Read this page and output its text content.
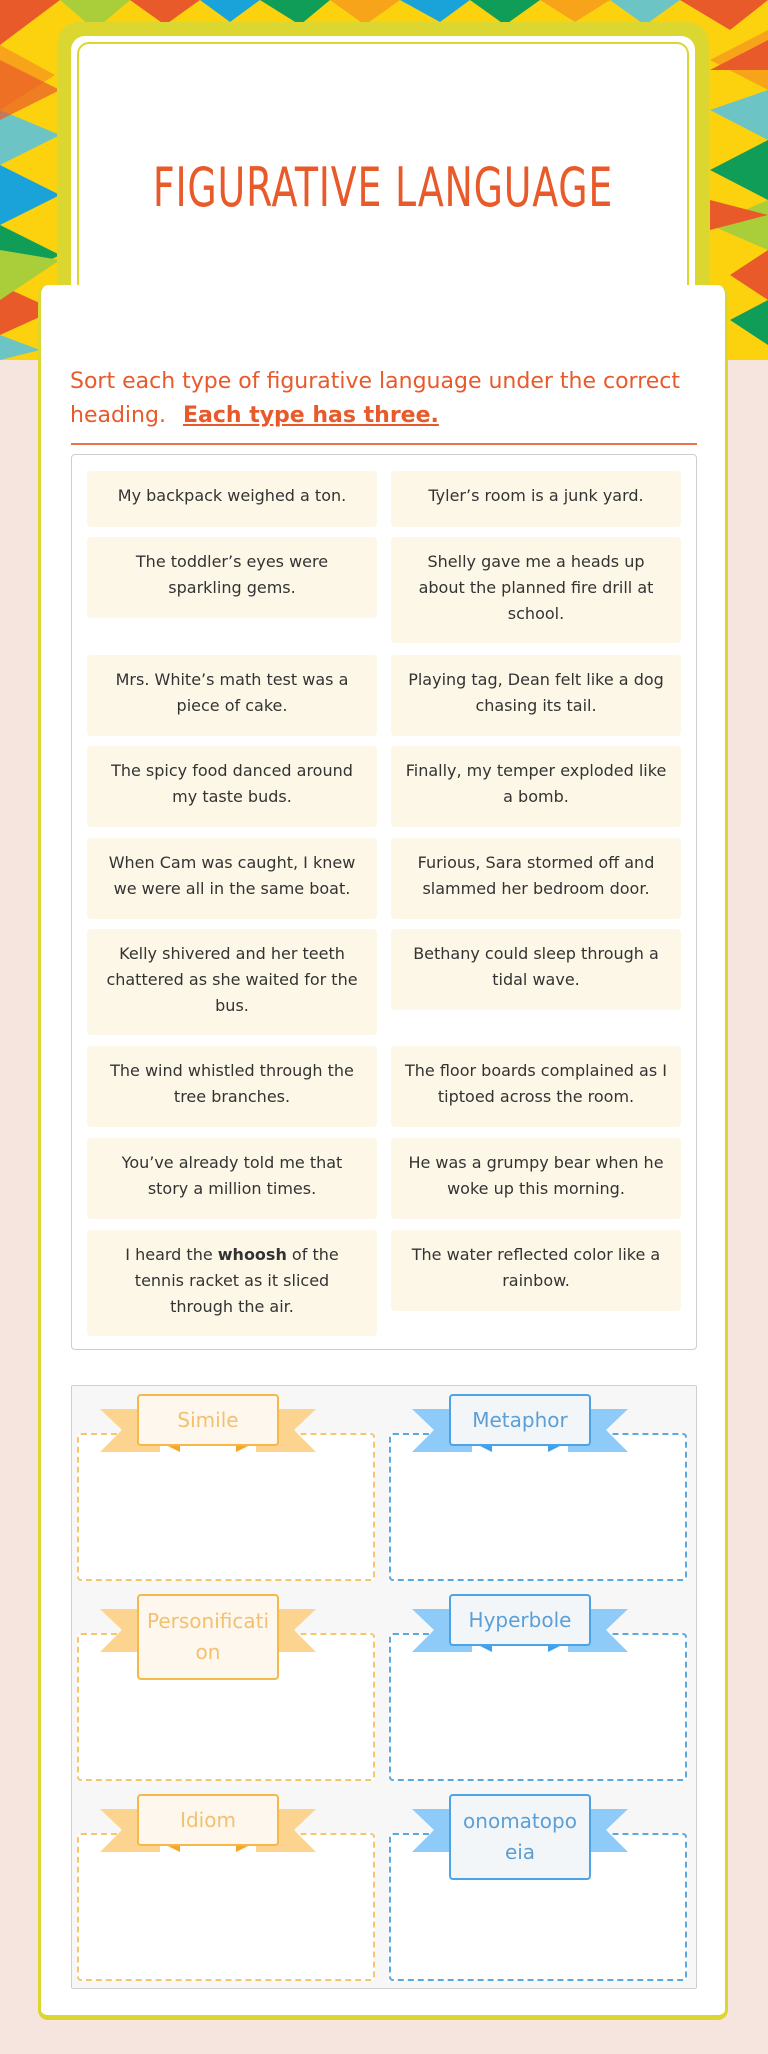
FIGURATIVE LANGUAGE
Sort each type of figurative language under the correct heading. Each type has three.
My backpack weighed a ton.	Tyler’s room is a junk yard.
The toddler’s eyes were sparkling gems.
Shelly gave me a heads up about the planned fire drill at school.
Mrs. White’s math test was a piece of cake.
Playing tag, Dean felt like a dog chasing its tail.
The spicy food danced around my taste buds.
Finally, my temper exploded like a bomb.
When Cam was caught, I knew we were all in the same boat.
Furious, Sara stormed off and slammed her bedroom door.
Kelly shivered and her teeth chattered as she waited for the bus.
Bethany could sleep through a tidal wave.
The wind whistled through the tree branches.
The floor boards complained as I tiptoed across the room.
You’ve already told me that story a million times.
He was a grumpy bear when he woke up this morning.
I heard the whoosh of the tennis racket as it sliced through the air.
The water reflected color like a rainbow.
Simile	Metaphor
Personification
Hyperbole
Idiom	onomatopoeia
